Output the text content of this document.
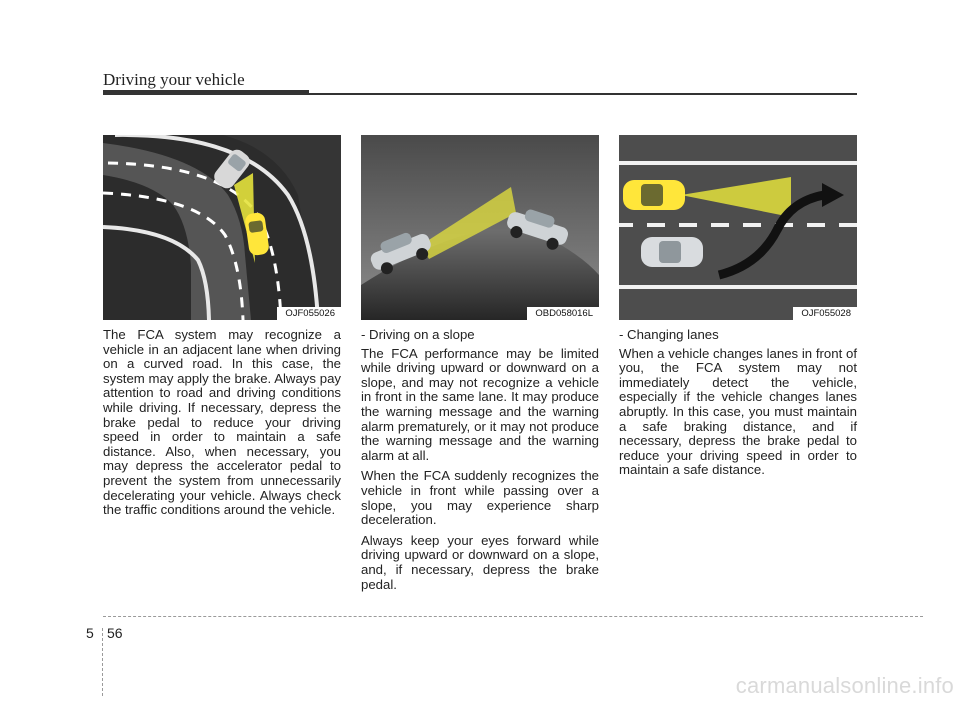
Driving your vehicle
OJF055026	OBD058016L	OJF055028

The FCA system may recognize a vehicle in an adjacent lane when driving on a curved road. In this case, the system may apply the brake. Always pay attention to road and driving conditions while driving. If necessary, depress the brake pedal to reduce your driving speed in order to maintain a safe distance. Also, when necessary, you may depress the accelerator pedal to prevent the system from unnecessarily decelerating your vehicle. Always check the traffic conditions around the vehicle.

- Driving on a slope

The FCA performance may be limited while driving upward or downward on a slope, and may not recognize a vehicle in front in the same lane. It may produce the warning message and the warning alarm prematurely, or it may not produce the warning message and the warning alarm at all.

When the FCA suddenly recognizes the vehicle in front while passing over a slope, you may experience sharp deceleration.

Always keep your eyes forward while driving upward or downward on a slope, and, if necessary, depress the brake pedal.

- Changing lanes

When a vehicle changes lanes in front of you, the FCA system may not immediately detect the vehicle, especially if the vehicle changes lanes abruptly. In this case, you must maintain a safe braking distance, and if necessary, depress the brake pedal to reduce your driving speed in order to maintain a safe distance.

5 56
carmanualsonline.info
